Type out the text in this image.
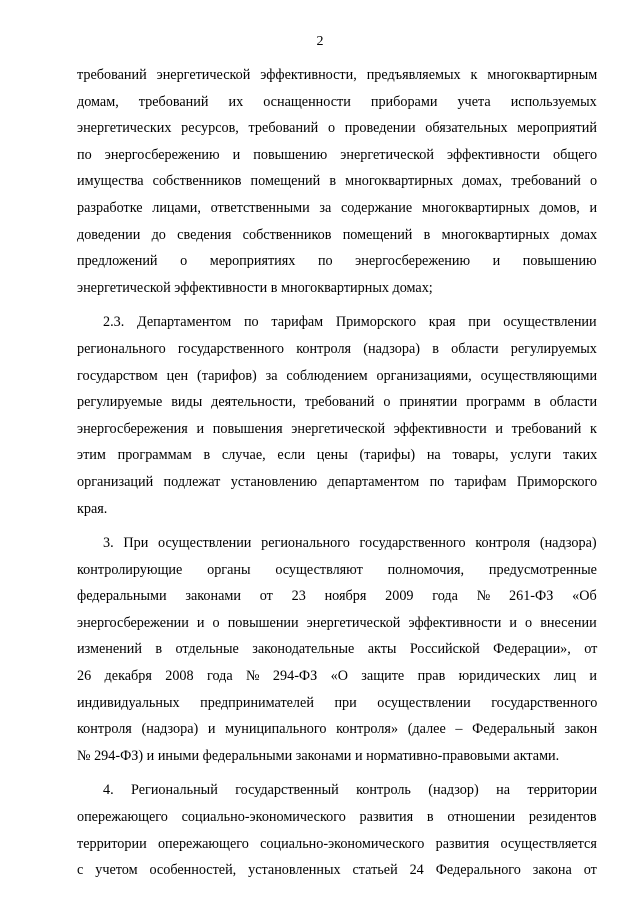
2
требований энергетической эффективности, предъявляемых к многоквартирным
домам, требований их оснащенности приборами учета используемых
энергетических ресурсов, требований о проведении обязательных мероприятий
по энергосбережению и повышению энергетической эффективности общего
имущества собственников помещений в многоквартирных домах, требований о
разработке лицами, ответственными за содержание многоквартирных домов, и
доведении до сведения собственников помещений в многоквартирных домах
предложений о мероприятиях по энергосбережению и повышению
энергетической эффективности в многоквартирных домах;
2.3. Департаментом по тарифам Приморского края при осуществлении
регионального государственного контроля (надзора) в области регулируемых
государством цен (тарифов) за соблюдением организациями, осуществляющими
регулируемые виды деятельности, требований о принятии программ в области
энергосбережения и повышения энергетической эффективности и требований к
этим программам в случае, если цены (тарифы) на товары, услуги таких
организаций подлежат установлению департаментом по тарифам Приморского
края.
3. При осуществлении регионального государственного контроля (надзора)
контролирующие органы осуществляют полномочия, предусмотренные
федеральными законами от 23 ноября 2009 года № 261-ФЗ «Об
энергосбережении и о повышении энергетической эффективности и о внесении
изменений в отдельные законодательные акты Российской Федерации», от
26 декабря 2008 года № 294-ФЗ «О защите прав юридических лиц и
индивидуальных предпринимателей при осуществлении государственного
контроля (надзора) и муниципального контроля» (далее – Федеральный закон
№ 294-ФЗ) и иными федеральными законами и нормативно-правовыми актами.
4. Региональный государственный контроль (надзор) на территории
опережающего социально-экономического развития в отношении резидентов
территории опережающего социально-экономического развития осуществляется
с учетом особенностей, установленных статьей 24 Федерального закона от
